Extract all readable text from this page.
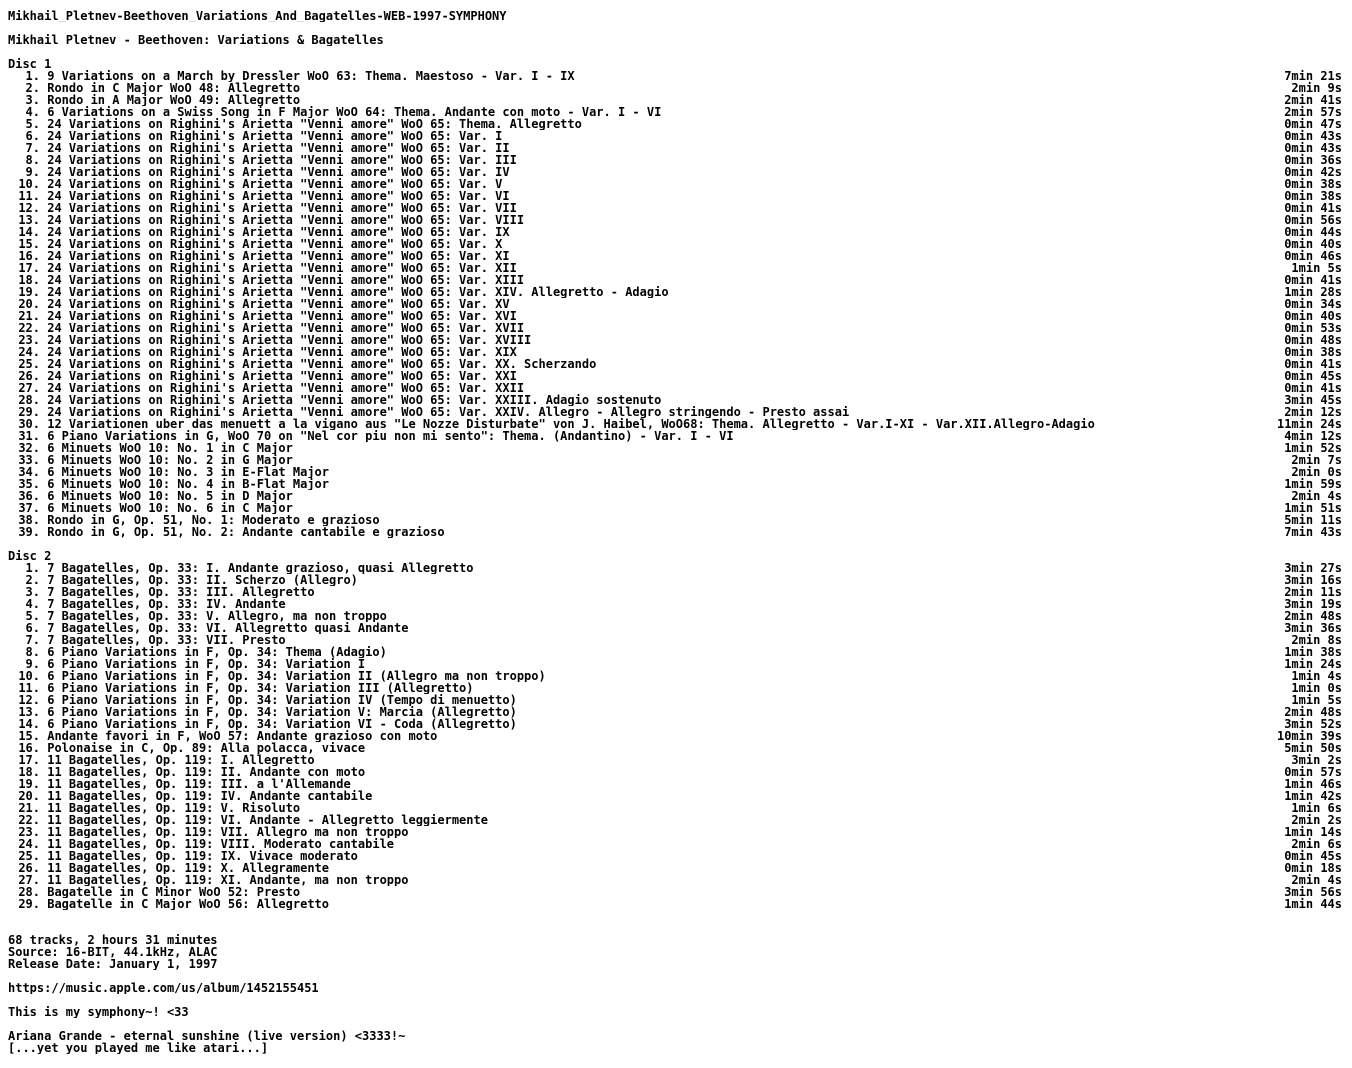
Mikhail_Pletnev-Beethoven_Variations_And_Bagatelles-WEB-1997-SYMPHONY
Mikhail Pletnev - Beethoven: Variations & Bagatelles
Disc 1
1.
9 Variations on a March by Dressler WoO 63: Thema. Maestoso - Var. I - IX	7min 21s
2.
Rondo in C Major WoO 48: Allegretto	2min 9s
3.
Rondo in A Major WoO 49: Allegretto	2min 41s
4.
6 Variations on a Swiss Song in F Major WoO 64: Thema. Andante con moto - Var. I - VI	2min 57s
5.
24 Variations on Righini's Arietta "Venni amore" WoO 65: Thema. Allegretto	0min 47s
6.
24 Variations on Righini's Arietta "Venni amore" WoO 65: Var. I	0min 43s
7.
24 Variations on Righini's Arietta "Venni amore" WoO 65: Var. II	0min 43s
8.
24 Variations on Righini's Arietta "Venni amore" WoO 65: Var. III	0min 36s
9.
24 Variations on Righini's Arietta "Venni amore" WoO 65: Var. IV	0min 42s
10.
24 Variations on Righini's Arietta "Venni amore" WoO 65: Var. V	0min 38s
11.
24 Variations on Righini's Arietta "Venni amore" WoO 65: Var. VI	0min 38s
12.
24 Variations on Righini's Arietta "Venni amore" WoO 65: Var. VII	0min 41s
13.
24 Variations on Righini's Arietta "Venni amore" WoO 65: Var. VIII	0min 56s
14.
24 Variations on Righini's Arietta "Venni amore" WoO 65: Var. IX	0min 44s
15.
24 Variations on Righini's Arietta "Venni amore" WoO 65: Var. X	0min 40s
16.
24 Variations on Righini's Arietta "Venni amore" WoO 65: Var. XI	0min 46s
17.
24 Variations on Righini's Arietta "Venni amore" WoO 65: Var. XII	1min 5s
18.
24 Variations on Righini's Arietta "Venni amore" WoO 65: Var. XIII	0min 41s
19.
24 Variations on Righini's Arietta "Venni amore" WoO 65: Var. XIV. Allegretto - Adagio	1min 28s
20.
24 Variations on Righini's Arietta "Venni amore" WoO 65: Var. XV	0min 34s
21.
24 Variations on Righini's Arietta "Venni amore" WoO 65: Var. XVI	0min 40s
22.
24 Variations on Righini's Arietta "Venni amore" WoO 65: Var. XVII	0min 53s
23.
24 Variations on Righini's Arietta "Venni amore" WoO 65: Var. XVIII	0min 48s
24.
24 Variations on Righini's Arietta "Venni amore" WoO 65: Var. XIX	0min 38s
25.
24 Variations on Righini's Arietta "Venni amore" WoO 65: Var. XX. Scherzando	0min 41s
26.
24 Variations on Righini's Arietta "Venni amore" WoO 65: Var. XXI	0min 45s
27.
24 Variations on Righini's Arietta "Venni amore" WoO 65: Var. XXII	0min 41s
28.
24 Variations on Righini's Arietta "Venni amore" WoO 65: Var. XXIII. Adagio sostenuto	3min 45s
29.
24 Variations on Righini's Arietta "Venni amore" WoO 65: Var. XXIV. Allegro - Allegro stringendo - Presto assai	2min 12s
30.
12 Variationen uber das menuett a la vigano aus "Le Nozze Disturbate" von J. Haibel, WoO68: Thema. Allegretto - Var.I-XI - Var.XII.Allegro-Adagio	11min 24s
31.
6 Piano Variations in G, WoO 70 on "Nel cor piu non mi sento": Thema. (Andantino) - Var. I - VI	4min 12s
32.
6 Minuets WoO 10: No. 1 in C Major	1min 52s
33.
6 Minuets WoO 10: No. 2 in G Major	2min 7s
34.
6 Minuets WoO 10: No. 3 in E-Flat Major	2min 0s
35.
6 Minuets WoO 10: No. 4 in B-Flat Major	1min 59s
36.
6 Minuets WoO 10: No. 5 in D Major	2min 4s
37.
6 Minuets WoO 10: No. 6 in C Major	1min 51s
38.
Rondo in G, Op. 51, No. 1: Moderato e grazioso	5min 11s
39.
Rondo in G, Op. 51, No. 2: Andante cantabile e grazioso	7min 43s
Disc 2
1.
7 Bagatelles, Op. 33: I. Andante grazioso, quasi Allegretto	3min 27s
2.
7 Bagatelles, Op. 33: II. Scherzo (Allegro)	3min 16s
3.
7 Bagatelles, Op. 33: III. Allegretto	2min 11s
4.
7 Bagatelles, Op. 33: IV. Andante	3min 19s
5.
7 Bagatelles, Op. 33: V. Allegro, ma non troppo	2min 48s
6.
7 Bagatelles, Op. 33: VI. Allegretto quasi Andante	3min 36s
7.
7 Bagatelles, Op. 33: VII. Presto	2min 8s
8.
6 Piano Variations in F, Op. 34: Thema (Adagio)	1min 38s
9.
6 Piano Variations in F, Op. 34: Variation I	1min 24s
10.
6 Piano Variations in F, Op. 34: Variation II (Allegro ma non troppo)	1min 4s
11.
6 Piano Variations in F, Op. 34: Variation III (Allegretto)	1min 0s
12.
6 Piano Variations in F, Op. 34: Variation IV (Tempo di menuetto)	1min 5s
13.
6 Piano Variations in F, Op. 34: Variation V: Marcia (Allegretto)	2min 48s
14.
6 Piano Variations in F, Op. 34: Variation VI - Coda (Allegretto)	3min 52s
15.
Andante favori in F, WoO 57: Andante grazioso con moto	10min 39s
16.
Polonaise in C, Op. 89: Alla polacca, vivace	5min 50s
17.
11 Bagatelles, Op. 119: I. Allegretto	3min 2s
18.
11 Bagatelles, Op. 119: II. Andante con moto	0min 57s
19.
11 Bagatelles, Op. 119: III. a l'Allemande	1min 46s
20.
11 Bagatelles, Op. 119: IV. Andante cantabile	1min 42s
21.
11 Bagatelles, Op. 119: V. Risoluto	1min 6s
22.
11 Bagatelles, Op. 119: VI. Andante - Allegretto leggiermente	2min 2s
23.
11 Bagatelles, Op. 119: VII. Allegro ma non troppo	1min 14s
24.
11 Bagatelles, Op. 119: VIII. Moderato cantabile	2min 6s
25.
11 Bagatelles, Op. 119: IX. Vivace moderato	0min 45s
26.
11 Bagatelles, Op. 119: X. Allegramente	0min 18s
27.
11 Bagatelles, Op. 119: XI. Andante, ma non troppo	2min 4s
28.
Bagatelle in C Minor WoO 52: Presto	3min 56s
29.
Bagatelle in C Major WoO 56: Allegretto	1min 44s
68 tracks, 2 hours 31 minutes
Source: 16-BIT, 44.1kHz, ALAC
Release Date: January 1, 1997
https://music.apple.com/us/album/1452155451
This is my symphony~! <33
Ariana Grande - eternal sunshine (live version) <3333!~
[...yet you played me like atari...]
